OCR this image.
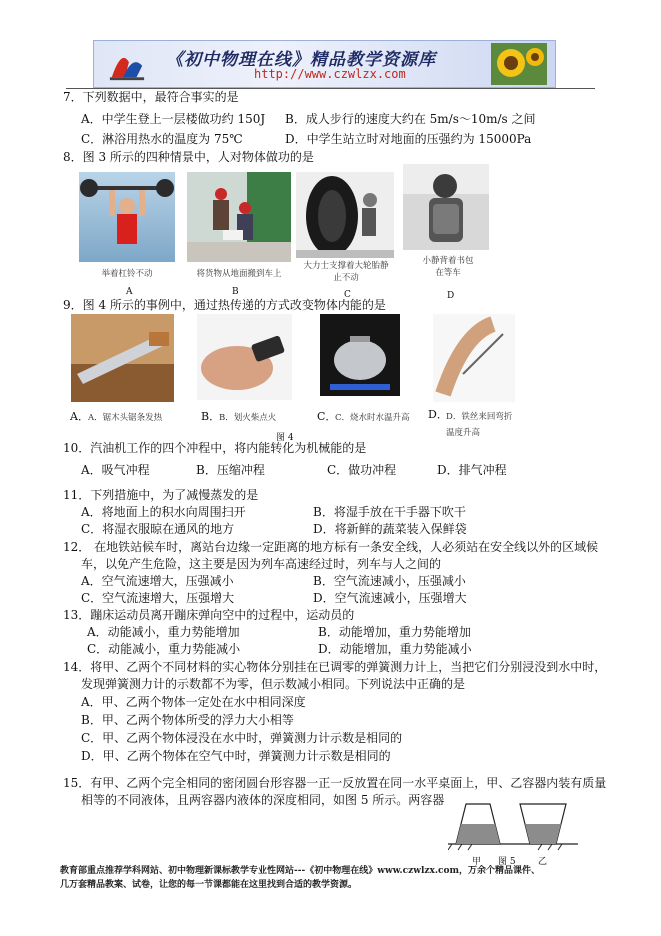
《初中物理在线》精品教学资源库
http://www.czwlzx.com
7．下列数据中，最符合事实的是
A．中学生登上一层楼做功约 150J B．成人步行的速度大约在 5m/s～10m/s 之间
C．淋浴用热水的温度为 75℃	D．中学生站立时对地面的压强约为 15000Pa
8．图 3 所示的四种情景中，人对物体做功的是
举着杠铃不动	将货物从地面搬到车上
大力士支撑着大轮胎静止不动
小静背着书包在等车
A	B	C	D
9．图 4 所示的事例中，通过热传递的方式改变物体内能的是
A． A．锯木头锯条发热	B．
B．划火柴点火	C．
C．烧水时水温升高	D．
D．铁丝来回弯折温度升高
图 4
10．汽油机工作的四个冲程中，将内能转化为机械能的是
A．吸气冲程	B．压缩冲程	C．做功冲程	D．排气冲程
11．下列措施中，为了减慢蒸发的是
A．将地面上的积水向周围扫开	B．将湿手放在干手器下吹干
C．将湿衣服晾在通风的地方	D．将新鲜的蔬菜装入保鲜袋
12． 在地铁站候车时，离站台边缘一定距离的地方标有一条安全线，人必须站在安全线以外的区域候
车，以免产生危险，这主要是因为列车高速经过时，列车与人之间的
A．空气流速增大，压强减小	B．空气流速减小，压强减小
C．空气流速增大，压强增大	D．空气流速减小，压强增大
13．蹦床运动员离开蹦床弹向空中的过程中，运动员的
A．动能减小，重力势能增加	B．动能增加，重力势能增加
C．动能减小，重力势能减小	D．动能增加，重力势能减小
14．将甲、乙两个不同材料的实心物体分别挂在已调零的弹簧测力计上，当把它们分别浸没到水中时，
发现弹簧测力计的示数都不为零，但示数减小相同。下列说法中正确的是
A．甲、乙两个物体一定处在水中相同深度
B．甲、乙两个物体所受的浮力大小相等
C．甲、乙两个物体浸没在水中时，弹簧测力计示数是相同的
D．甲、乙两个物体在空气中时，弹簧测力计示数是相同的
15．有甲、乙两个完全相同的密闭圆台形容器一正一反放置在同一水平桌面上，甲、乙容器内装有质量
相等的不同液体，且两容器内液体的深度相同，如图 5 所示。两容器
甲 图 5 乙
教育部重点推荐学科网站、初中物理新课标教学专业性网站---《初中物理在线》www.czwlzx.com，万余个精品课件、
几万套精品教案、试卷，让您的每一节课都能在这里找到合适的教学资源。
